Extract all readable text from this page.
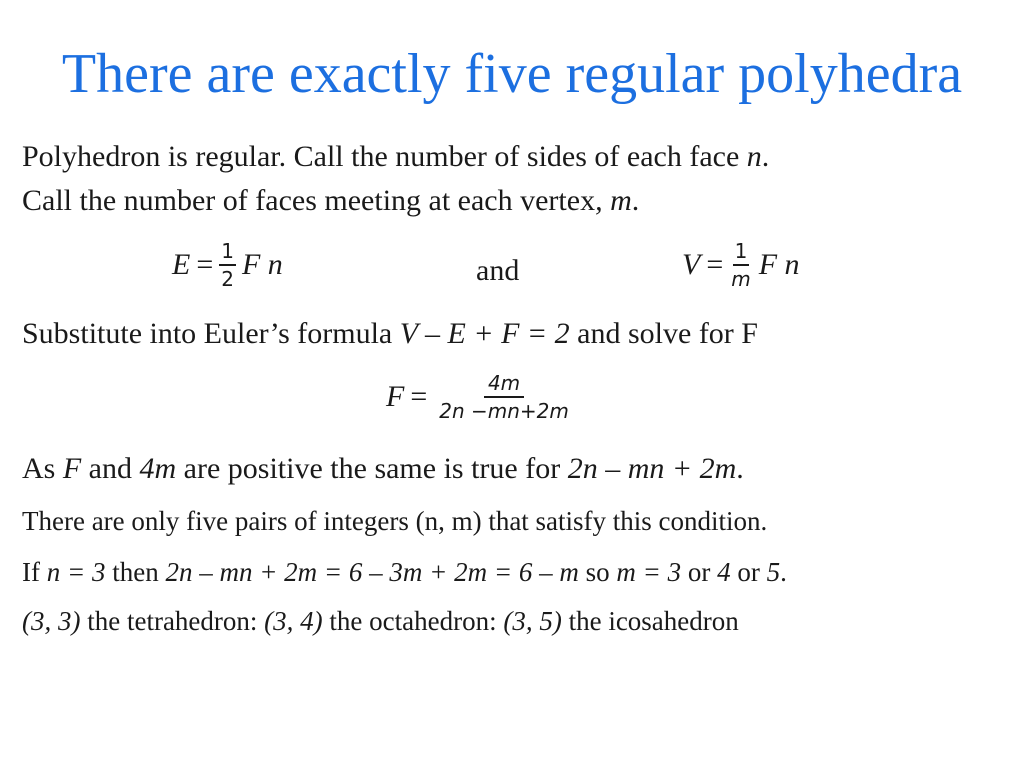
There are exactly five regular polyhedra
Polyhedron is regular. Call the number of sides of each face n.
Call the number of faces meeting at each vertex, m.
$E = \frac{1}{2}$ F n	and	$V = \frac{1}{m}$ F n
Substitute into Euler’s formula V – E + F = 2 and solve for F
$F = \frac{4m}{2n -mn+2m}$
As F and 4m are positive the same is true for 2n – mn + 2m.
There are only five pairs of integers (n, m) that satisfy this condition.
If n = 3 then 2n – mn + 2m = 6 – 3m + 2m = 6 – m so m = 3 or 4 or 5.
(3, 3) the tetrahedron: (3, 4) the octahedron: (3, 5) the icosahedron
